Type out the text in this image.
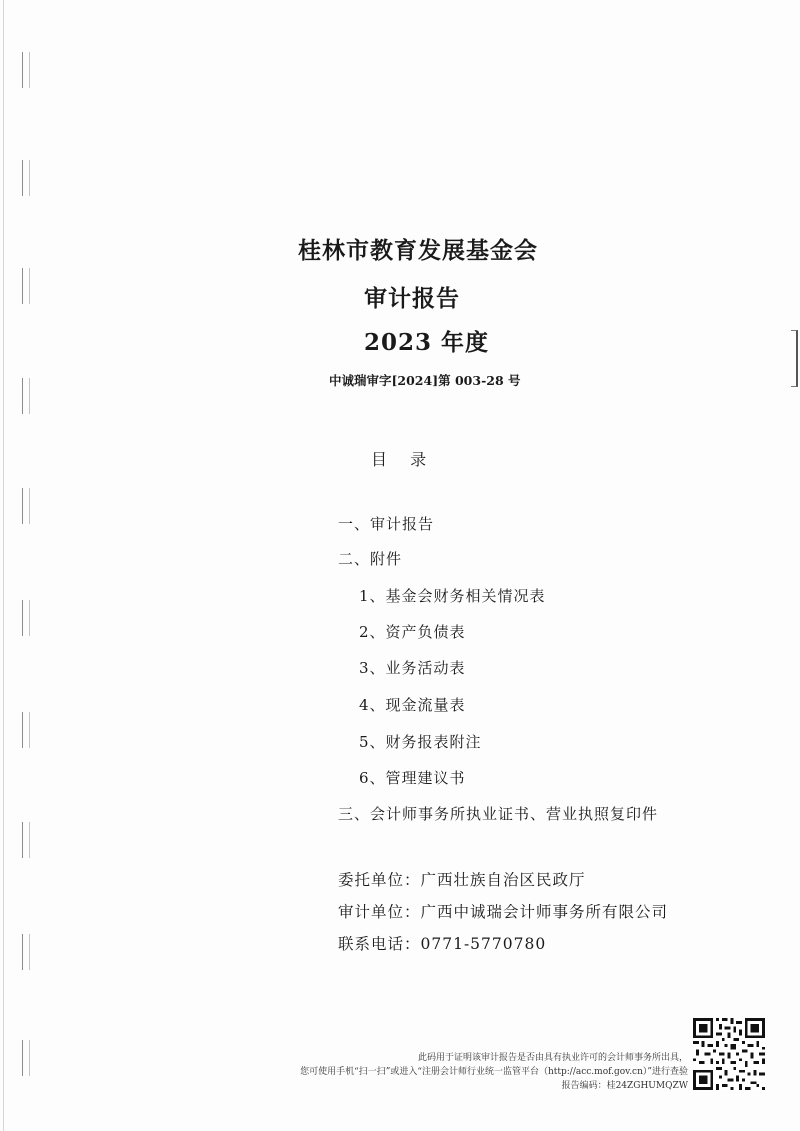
桂林市教育发展基金会
审计报告
2023 年度
中诚瑞审字[2024]第 003-28 号
目 录
一、审计报告
二、附件
1、基金会财务相关情况表
2、资产负债表
3、业务活动表
4、现金流量表
5、财务报表附注
6、管理建议书
三、会计师事务所执业证书、营业执照复印件
委托单位：广西壮族自治区民政厅
审计单位：广西中诚瑞会计师事务所有限公司
联系电话：0771-5770780
此码用于证明该审计报告是否由具有执业许可的会计师事务所出具，
您可使用手机“扫一扫”或进入“注册会计师行业统一监管平台（http://acc.mof.gov.cn）”进行查验
报告编码：桂24ZGHUMQZW
